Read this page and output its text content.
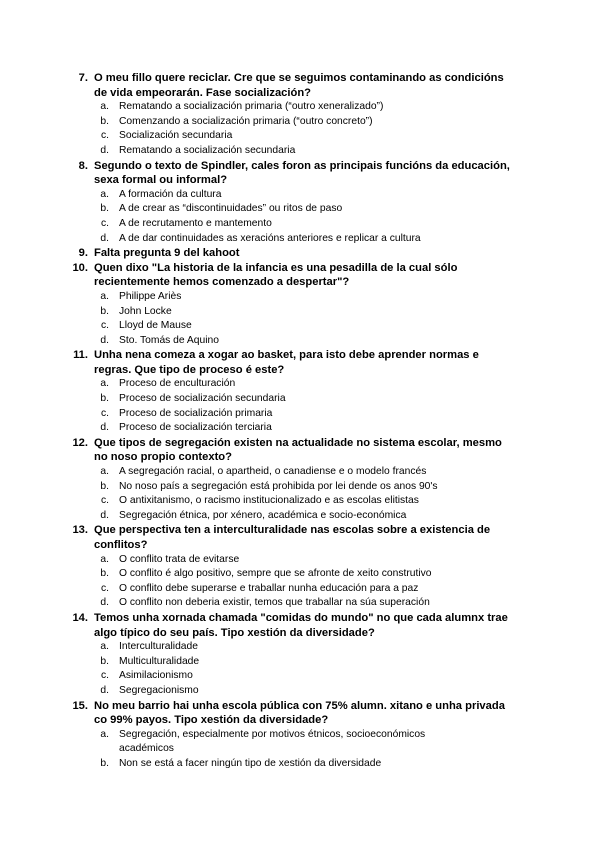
7. O meu fillo quere reciclar. Cre que se seguimos contaminando as condicións de vida empeorarán. Fase socialización?
a. Rematando a socialización primaria (“outro xeneralizado”)
b. Comenzando a socialización primaria (“outro concreto”)
c. Socialización secundaria
d. Rematando a socialización secundaria
8. Segundo o texto de Spindler, cales foron as principais funcións da educación, sexa formal ou informal?
a. A formación da cultura
b. A de crear as “discontinuidades” ou ritos de paso
c. A de recrutamento e mantemento
d. A de dar continuidades as xeracións anteriores e replicar a cultura
9. Falta pregunta 9 del kahoot
10. Quen dixo "La historia de la infancia es una pesadilla de la cual sólo recientemente hemos comenzado a despertar"?
a. Philippe Ariès
b. John Locke
c. Lloyd de Mause
d. Sto. Tomás de Aquino
11. Unha nena comeza a xogar ao basket, para isto debe aprender normas e regras. Que tipo de proceso é este?
a. Proceso de enculturación
b. Proceso de socialización secundaria
c. Proceso de socialización primaria
d. Proceso de socialización terciaria
12. Que tipos de segregación existen na actualidade no sistema escolar, mesmo no noso propio contexto?
a. A segregación racial, o apartheid, o canadiense e o modelo francés
b. No noso país a segregación está prohibida por lei dende os anos 90's
c. O antixitanismo, o racismo institucionalizado e as escolas elitistas
d. Segregación étnica, por xénero, académica e socio-económica
13. Que perspectiva ten a interculturalidade nas escolas sobre a existencia de conflitos?
a. O conflito trata de evitarse
b. O conflito é algo positivo, sempre que se afronte de xeito construtivo
c. O conflito debe superarse e traballar nunha educación para a paz
d. O conflito non deberia existir, temos que traballar na súa superación
14. Temos unha xornada chamada "comidas do mundo" no que cada alumnx trae algo típico do seu país. Tipo xestión da diversidade?
a. Interculturalidade
b. Multiculturalidade
c. Asimilacionismo
d. Segregacionismo
15. No meu barrio hai unha escola pública con 75% alumn. xitano e unha privada co 99% payos. Tipo xestión da diversidade?
a. Segregación, especialmente por motivos étnicos, socioeconómicos académicos
b. Non se está a facer ningún tipo de xestión da diversidade
